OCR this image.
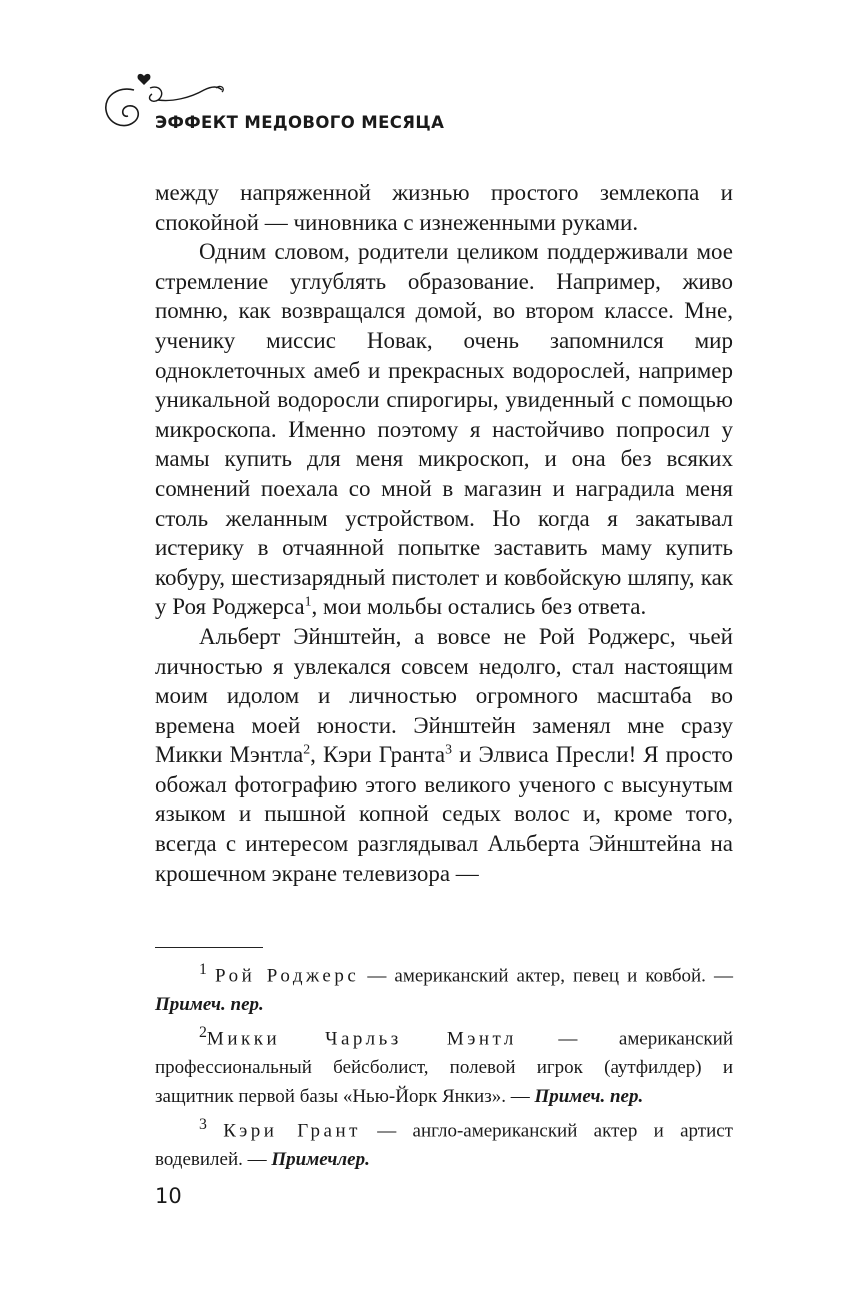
ЭФФЕКТ МЕДОВОГО МЕСЯЦА

между напряженной жизнью простого землекопа и спокойной — чиновника с изнеженными руками.

Одним словом, родители целиком поддерживали мое стремление углублять образование. Например, живо помню, как возвращался домой, во втором классе. Мне, ученику миссис Новак, очень запомнился мир одноклеточных амеб и прекрасных водорослей, например уникальной водоросли спирогиры, увиденный с помощью микроскопа. Именно поэтому я настойчиво попросил у мамы купить для меня микроскоп, и она без всяких сомнений поехала со мной в магазин и наградила меня столь желанным устройством. Но когда я закатывал истерику в отчаянной попытке заставить маму купить кобуру, шестизарядный пистолет и ковбойскую шляпу, как у Роя Роджерса$^1$, мои мольбы остались без ответа.

Альберт Эйнштейн, а вовсе не Рой Роджерс, чьей личностью я увлекался совсем недолго, стал настоящим моим идолом и личностью огромного масштаба во времена моей юности. Эйнштейн заменял мне сразу Микки Мэнтла$^2$, Кэри Гранта$^3$ и Элвиса Пресли! Я просто обожал фотографию этого великого ученого с высунутым языком и пышной копной седых волос и, кроме того, всегда с интересом разглядывал Альберта Эйнштейна на крошечном экране телевизора —

$^1$ Рой Роджерс — американский актер, певец и ковбой. — Примеч. пер.

$^2$Микки Чарльз Мэнтл — американский профессиональный бейсболист, полевой игрок (аутфилдер) и защитник первой базы «Нью-Йорк Янкиз». — Примеч. пер.

$^3$ Кэри Грант — англо-американский актер и артист водевилей. — Примечлер.

10
